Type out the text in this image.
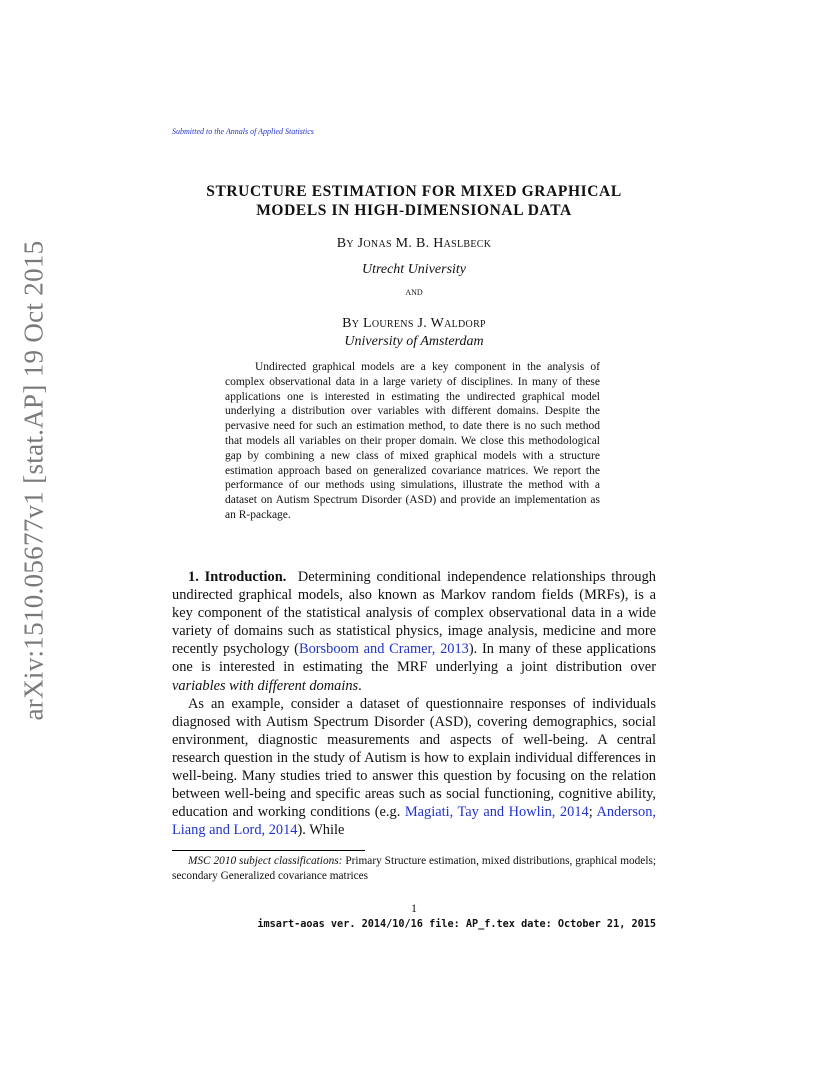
arXiv:1510.05677v1 [stat.AP] 19 Oct 2015
Submitted to the Annals of Applied Statistics
STRUCTURE ESTIMATION FOR MIXED GRAPHICAL
MODELS IN HIGH-DIMENSIONAL DATA
By Jonas M. B. Haslbeck
Utrecht University
and
By Lourens J. Waldorp
University of Amsterdam
Undirected graphical models are a key component in the analysis of complex observational data in a large variety of disciplines. In many of these applications one is interested in estimating the undirected graphical model underlying a distribution over variables with different domains. Despite the pervasive need for such an estimation method, to date there is no such method that models all variables on their proper domain. We close this methodological gap by combining a new class of mixed graphical models with a structure estimation approach based on generalized covariance matrices. We report the performance of our methods using simulations, illustrate the method with a dataset on Autism Spectrum Disorder (ASD) and provide an implementation as an R-package.

1. Introduction. Determining conditional independence relationships through undirected graphical models, also known as Markov random fields (MRFs), is a key component of the statistical analysis of complex observational data in a wide variety of domains such as statistical physics, image analysis, medicine and more recently psychology (Borsboom and Cramer, 2013). In many of these applications one is interested in estimating the MRF underlying a joint distribution over variables with different domains.

As an example, consider a dataset of questionnaire responses of individuals diagnosed with Autism Spectrum Disorder (ASD), covering demographics, social environment, diagnostic measurements and aspects of well-being. A central research question in the study of Autism is how to explain individual differences in well-being. Many studies tried to answer this question by focusing on the relation between well-being and specific areas such as social functioning, cognitive ability, education and working conditions (e.g. Magiati, Tay and Howlin, 2014; Anderson, Liang and Lord, 2014). While

MSC 2010 subject classifications: Primary Structure estimation, mixed distributions, graphical models; secondary Generalized covariance matrices
1
imsart-aoas ver. 2014/10/16 file: AP_f.tex date: October 21, 2015
